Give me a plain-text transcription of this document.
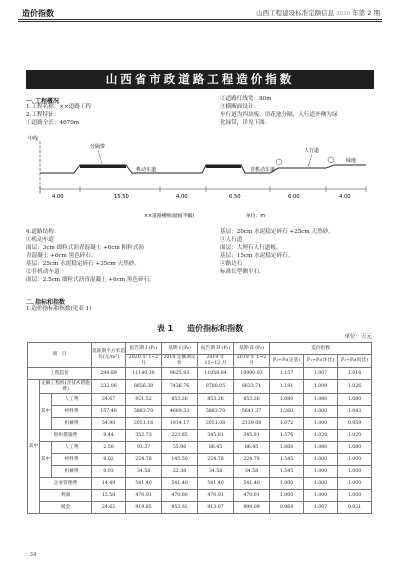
造价指数	山西工程建设标准定额信息 2020 年第 2 期
山西省市政道路工程造价指数
一､工程概况
1.工程名称：××道路工程
2.工程特征：
①道路全长：4670m
②道路红线宽：80m
③横断面设计：
车行道为四块板，用花池分隔，人行道外侧为绿
化绿带，详见下图：
中线
分隔带
机动车道	非机动车道
人行道
绿地
4.00	15.50	4.00	6.50	6.00	4.00
××道路横断面图(半幅)	单位：m
4.道路结构：
①机动车道
面层：3cm 细粒式沥青混凝土 +6cm 粗粒式沥
青混凝土 +6cm 黑色碎石。
基层：25cm 水泥稳定碎石 +35cm 天然砂。
②非机动车道
面层：2.5cm 细粒式沥青混凝土 +6cm 黑色碎石。
基层：20cm 水泥稳定碎石 +25cm 天然砂。
③人行道
面层：大理石人行道板。
基层：15cm 水泥稳定碎石。
④路边石
标准长型侧平石。
二､指标和指数
1.造价指标和指数(见表 1)
表 1 造价指标和指数
单位：万元
项　目			基准期平方米造价(元/m²)	报告期 I (P₁)	基期 I (P₀)	报告期 II (P₂)	基期 II (P₀)	造价指数		
				2020 年 1~2 月	2018 定额期定价	2019 年 11~12 月	2019 年 1~2 月	P₁÷P₀(定基)	P₁÷P₂(环比)	P₂÷P₀(同比)
工程造价			298.89	11140.38	9625.93	11058.84	10990.03	1.157	1.007	1.014
其中	定额工程机(含技术措施费)		232.06	8856.38	7436.76	8780.05	8633.71	1.191	1.009	1.026
	其中	人工费	24.67	921.52	853.26	853.26	853.26	1.080	1.080	1.080
		材料费	157.49	5883.70	4669.33	5883.70	5641.37	1.260	1.000	1.043
		机械费	54.90	2051.16	1914.17	2051.08	2139.08	1.072	1.000	0.959
	组织措施费		9.44	352.73	223.85	345.81	345.81	1.576	1.020	1.020
	其中	人工费	2.50	93.37	55.96	86.45	86.45	1.668	1.080	1.080
		材料费	6.02	224.78	145.50	224.78	224.78	1.545	1.000	1.000
		机械费	0.93	34.58	22.38	34.58	34.58	1.545	1.000	1.000
	企业管理费		14.49	541.40	541.40	541.40	541.40	1.000	1.000	1.000
	利润		12.58	470.01	470.00	470.01	470.01	1.000	1.000	1.000
	税金		24.62	919.85	953.92	913.07	999.09	0.964	1.007	0.921
· 34 ·
